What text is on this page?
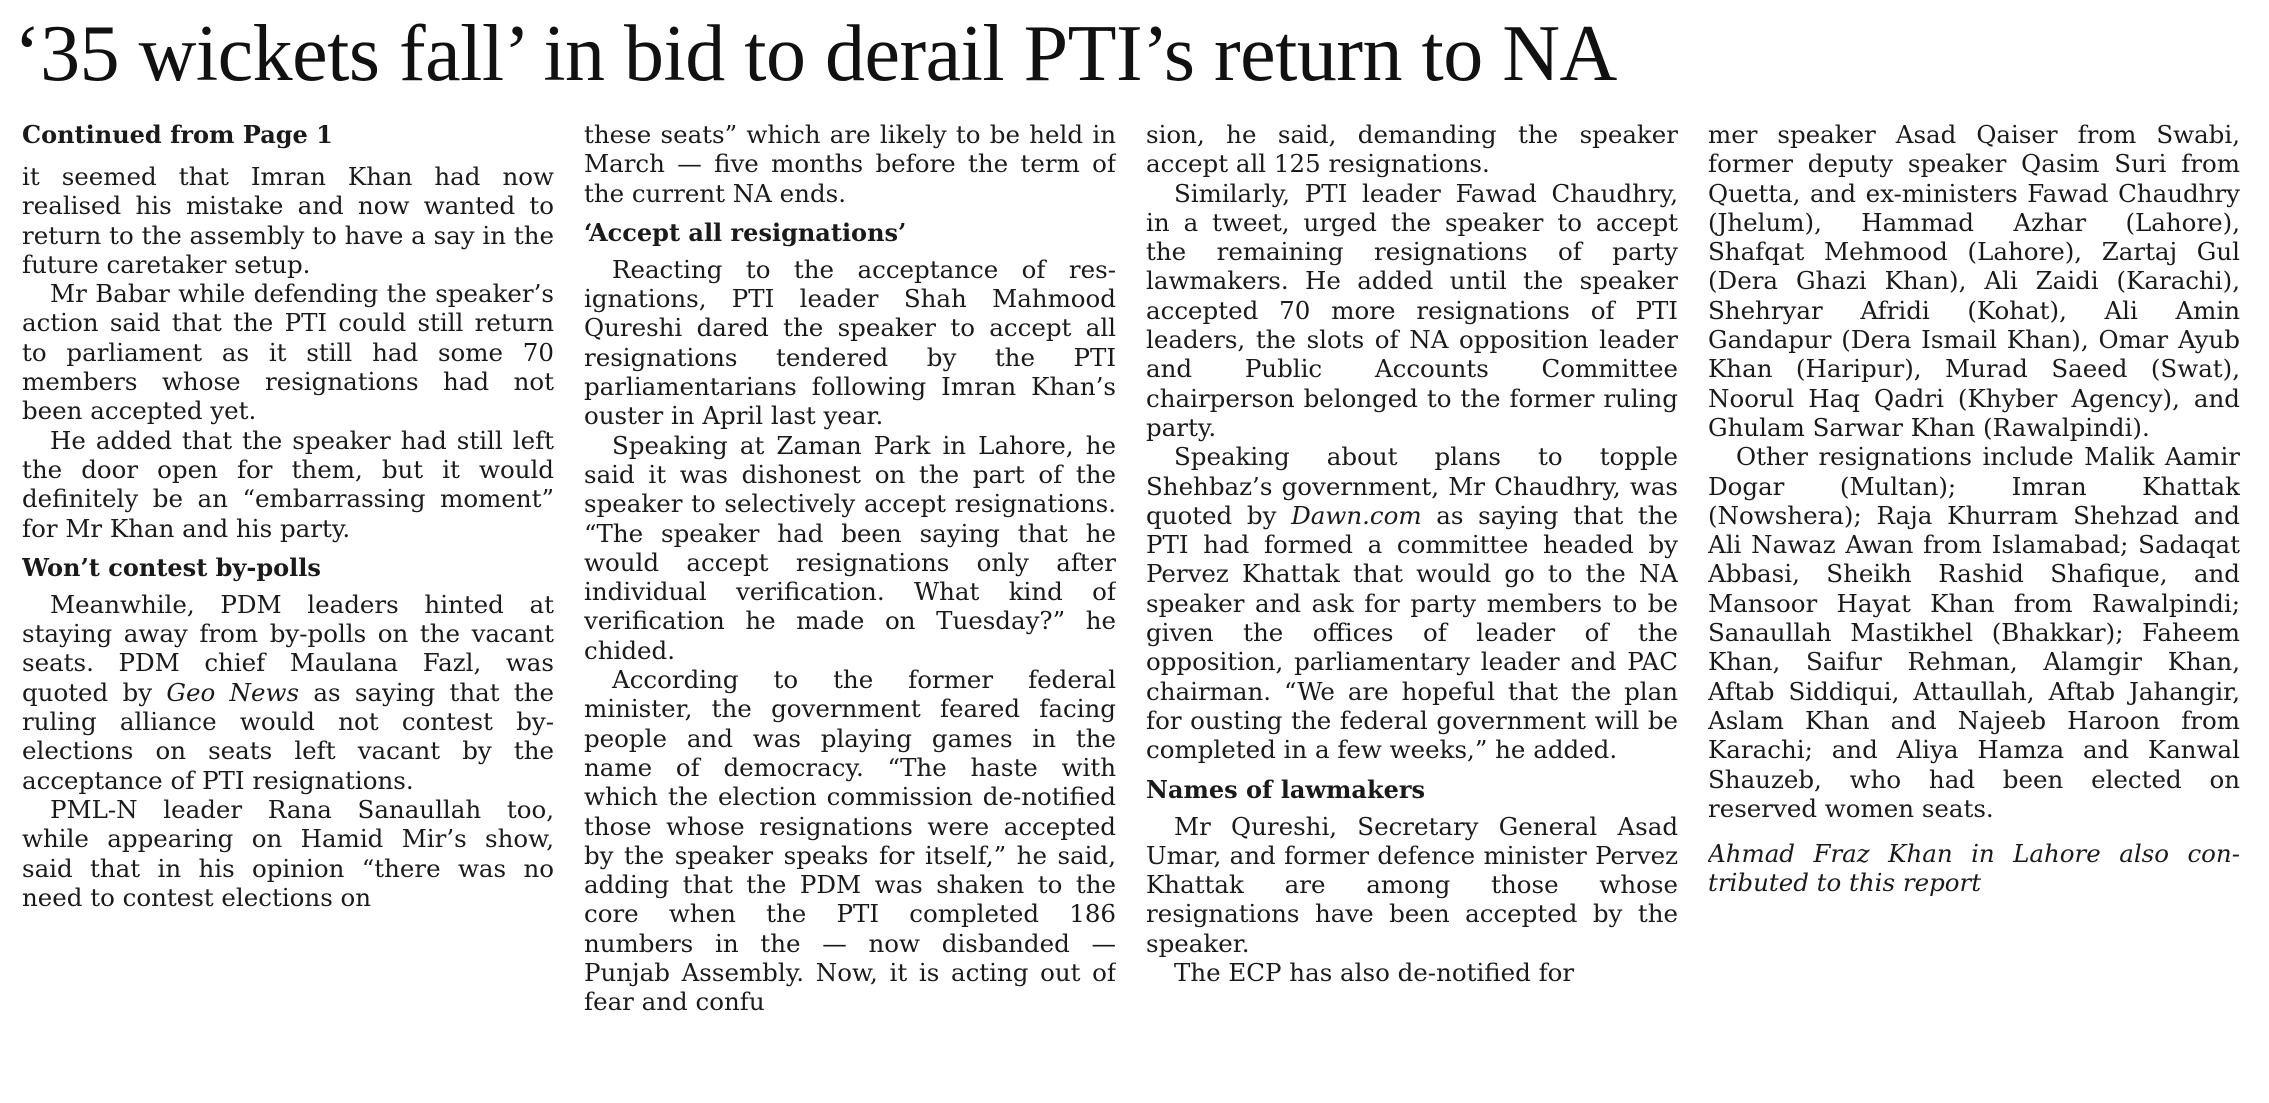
‘35 wickets fall’ in bid to derail PTI’s return to NA
Continued from Page 1

it seemed that Imran Khan had now realised his mistake and now wanted to return to the assembly to have a say in the future caretaker setup.

Mr Babar while defending the speaker’s action said that the PTI could still return to parliament as it still had some 70 members whose resignations had not been accepted yet.

He added that the speaker had still left the door open for them, but it would definitely be an “embarrassing moment” for Mr Khan and his party.

Won’t contest by-polls

Meanwhile, PDM leaders hinted at staying away from by-polls on the vacant seats. PDM chief Maulana Fazl, was quoted by Geo News as saying that the ruling alliance would not contest by-elections on seats left vacant by the acceptance of PTI resignations.

PML-N leader Rana Sanaullah too, while appearing on Hamid Mir’s show, said that in his opinion “there was no need to contest elections on

these seats” which are likely to be held in March — five months before the term of the current NA ends.

‘Accept all resignations’

Reacting to the acceptance of resignations, PTI leader Shah Mahmood Qureshi dared the speaker to accept all resignations tendered by the PTI parliamentarians following Imran Khan’s ouster in April last year.

Speaking at Zaman Park in Lahore, he said it was dishonest on the part of the speaker to selectively accept resignations. “The speaker had been saying that he would accept resignations only after individual verification. What kind of verification he made on Tuesday?” he chided.

According to the former federal minister, the government feared facing people and was playing games in the name of democracy. “The haste with which the election commission de-notified those whose resignations were accepted by the speaker speaks for itself,” he said, adding that the PDM was shaken to the core when the PTI completed 186 numbers in the — now disbanded — Punjab Assembly. Now, it is acting out of fear and confu

sion, he said, demanding the speaker accept all 125 resignations.

Similarly, PTI leader Fawad Chaudhry, in a tweet, urged the speaker to accept the remaining resignations of party lawmakers. He added until the speaker accepted 70 more resignations of PTI leaders, the slots of NA opposition leader and Public Accounts Committee chairperson belonged to the former ruling party.

Speaking about plans to topple Shehbaz’s government, Mr Chaudhry, was quoted by Dawn.com as saying that the PTI had formed a committee headed by Pervez Khattak that would go to the NA speaker and ask for party members to be given the offices of leader of the opposition, parliamentary leader and PAC chairman. “We are hopeful that the plan for ousting the federal government will be completed in a few weeks,” he added.

Names of lawmakers

Mr Qureshi, Secretary General Asad Umar, and former defence minister Pervez Khattak are among those whose resignations have been accepted by the speaker.

The ECP has also de-notified for

mer speaker Asad Qaiser from Swabi, former deputy speaker Qasim Suri from Quetta, and ex-ministers Fawad Chaudhry (Jhelum), Hammad Azhar (Lahore), Shafqat Mehmood (Lahore), Zartaj Gul (Dera Ghazi Khan), Ali Zaidi (Karachi), Shehryar Afridi (Kohat), Ali Amin Gandapur (Dera Ismail Khan), Omar Ayub Khan (Haripur), Murad Saeed (Swat), Noorul Haq Qadri (Khyber Agency), and Ghulam Sarwar Khan (Rawalpindi).

Other resignations include Malik Aamir Dogar (Multan); Imran Khattak (Nowshera); Raja Khurram Shehzad and Ali Nawaz Awan from Islamabad; Sadaqat Abbasi, Sheikh Rashid Shafique, and Mansoor Hayat Khan from Rawalpindi; Sanaullah Mastikhel (Bhakkar); Faheem Khan, Saifur Rehman, Alamgir Khan, Aftab Siddiqui, Attaullah, Aftab Jahangir, Aslam Khan and Najeeb Haroon from Karachi; and Aliya Hamza and Kanwal Shauzeb, who had been elected on reserved women seats.

Ahmad Fraz Khan in Lahore also contributed to this report
